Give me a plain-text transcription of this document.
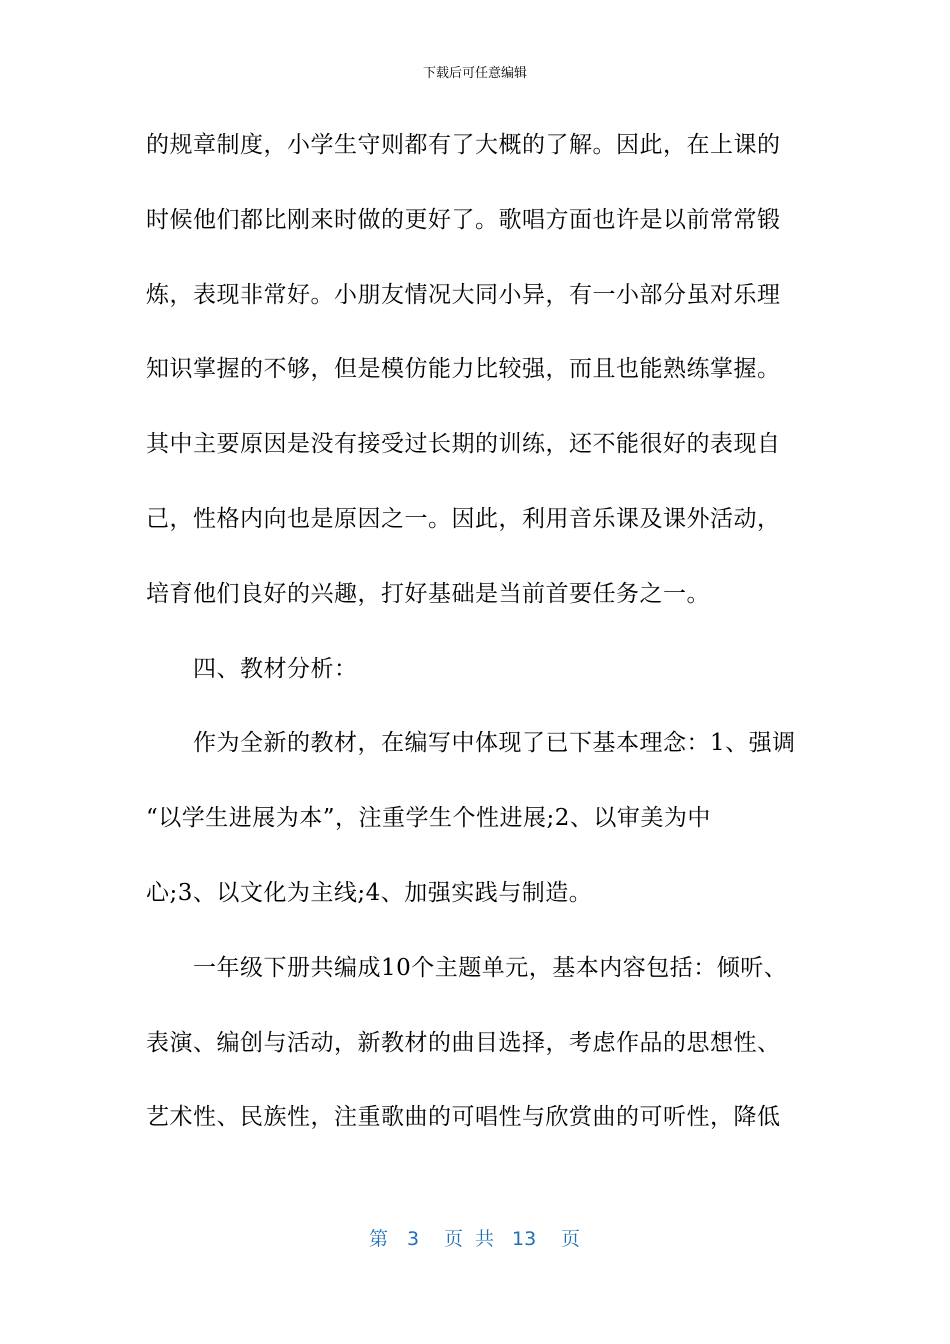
下载后可任意编辑
的规章制度，小学生守则都有了大概的了解。因此，在上课的
时候他们都比刚来时做的更好了。歌唱方面也许是以前常常锻
炼，表现非常好。小朋友情况大同小异，有一小部分虽对乐理
知识掌握的不够，但是模仿能力比较强，而且也能熟练掌握。
其中主要原因是没有接受过长期的训练，还不能很好的表现自
己，性格内向也是原因之一。因此，利用音乐课及课外活动，
培育他们良好的兴趣，打好基础是当前首要任务之一。
四、教材分析：
作为全新的教材，在编写中体现了已下基本理念：1、强调
“以学生进展为本”，注重学生个性进展;2、以审美为中
心;3、以文化为主线;4、加强实践与制造。
一年级下册共编成10个主题单元，基本内容包括：倾听、
表演、编创与活动，新教材的曲目选择，考虑作品的思想性、
艺术性、民族性，注重歌曲的可唱性与欣赏曲的可听性，降低
第 3 页 共 13 页
